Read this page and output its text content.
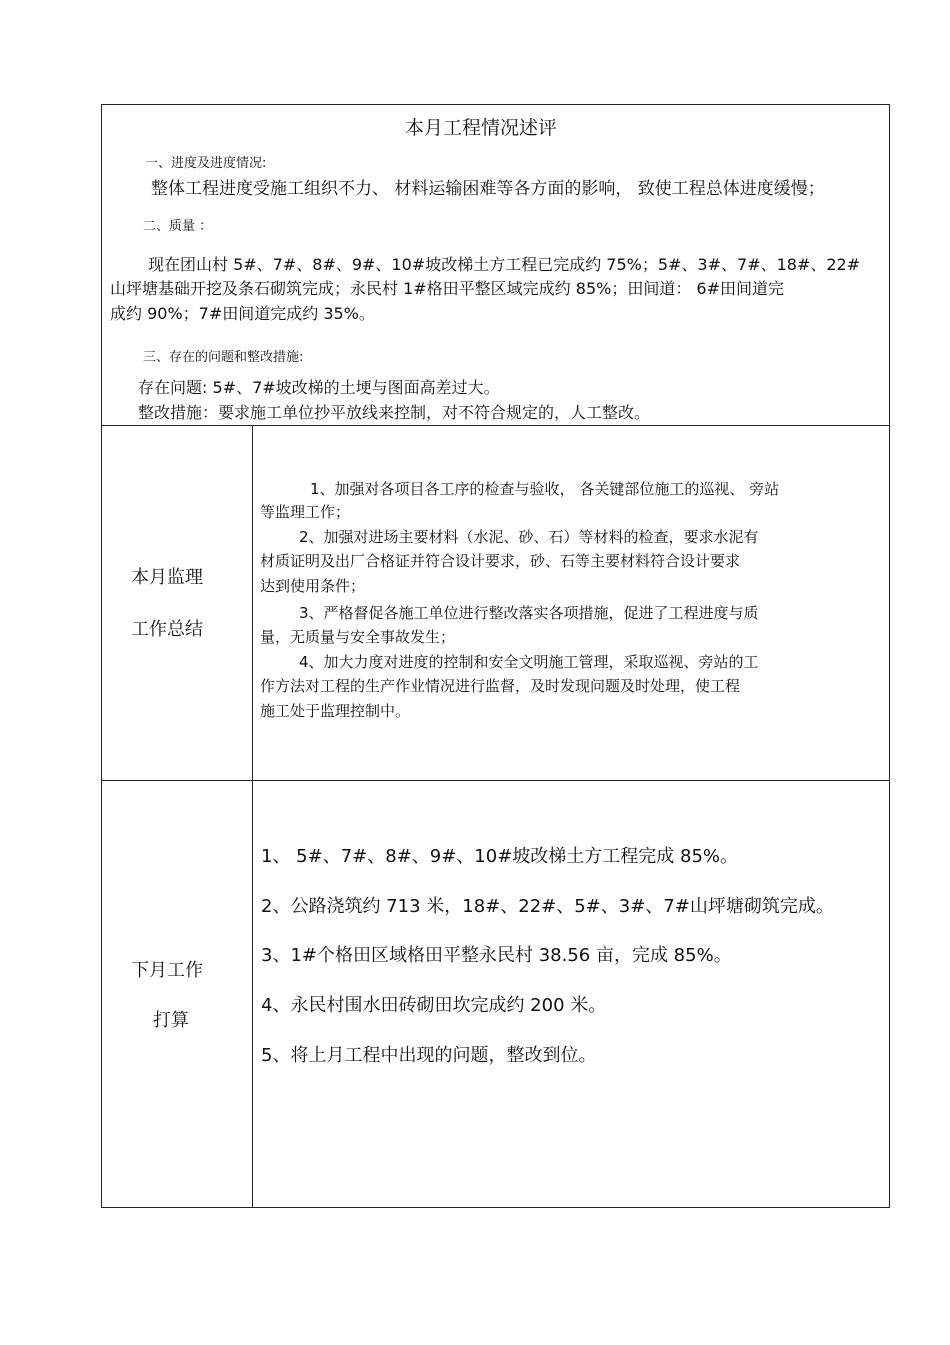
本月工程情况述评
一、进度及进度情况:
整体工程进度受施工组织不力、 材料运输困难等各方面的影响， 致使工程总体进度缓慢；
二、质量 ：
现在团山村 5#、7#、8#、9#、10#坡改梯土方工程已完成约 75%；5#、3#、7#、18#、22#
山坪塘基础开挖及条石砌筑完成；永民村 1#格田平整区域完成约 85%；田间道： 6#田间道完
成约 90%；7#田间道完成约 35%。
三、存在的问题和整改措施:
存在问题: 5#、7#坡改梯的土埂与图面高差过大。
整改措施：要求施工单位抄平放线来控制，对不符合规定的，人工整改。
本月监理
工作总结
1、加强对各项目各工序的检查与验收， 各关键部位施工的巡视、 旁站
等监理工作；
2、加强对进场主要材料（水泥、砂、石）等材料的检查，要求水泥有
材质证明及出厂合格证并符合设计要求，砂、石等主要材料符合设计要求
达到使用条件；
3、严格督促各施工单位进行整改落实各项措施，促进了工程进度与质
量，无质量与安全事故发生；
4、加大力度对进度的控制和安全文明施工管理，采取巡视、旁站的工
作方法对工程的生产作业情况进行监督，及时发现问题及时处理，使工程
施工处于监理控制中。
下月工作
打算
1、 5#、7#、8#、9#、10#坡改梯土方工程完成 85%。
2、公路浇筑约 713 米，18#、22#、5#、3#、7#山坪塘砌筑完成。
3、1#个格田区域格田平整永民村 38.56 亩，完成 85%。
4、永民村围水田砖砌田坎完成约 200 米。
5、将上月工程中出现的问题，整改到位。
